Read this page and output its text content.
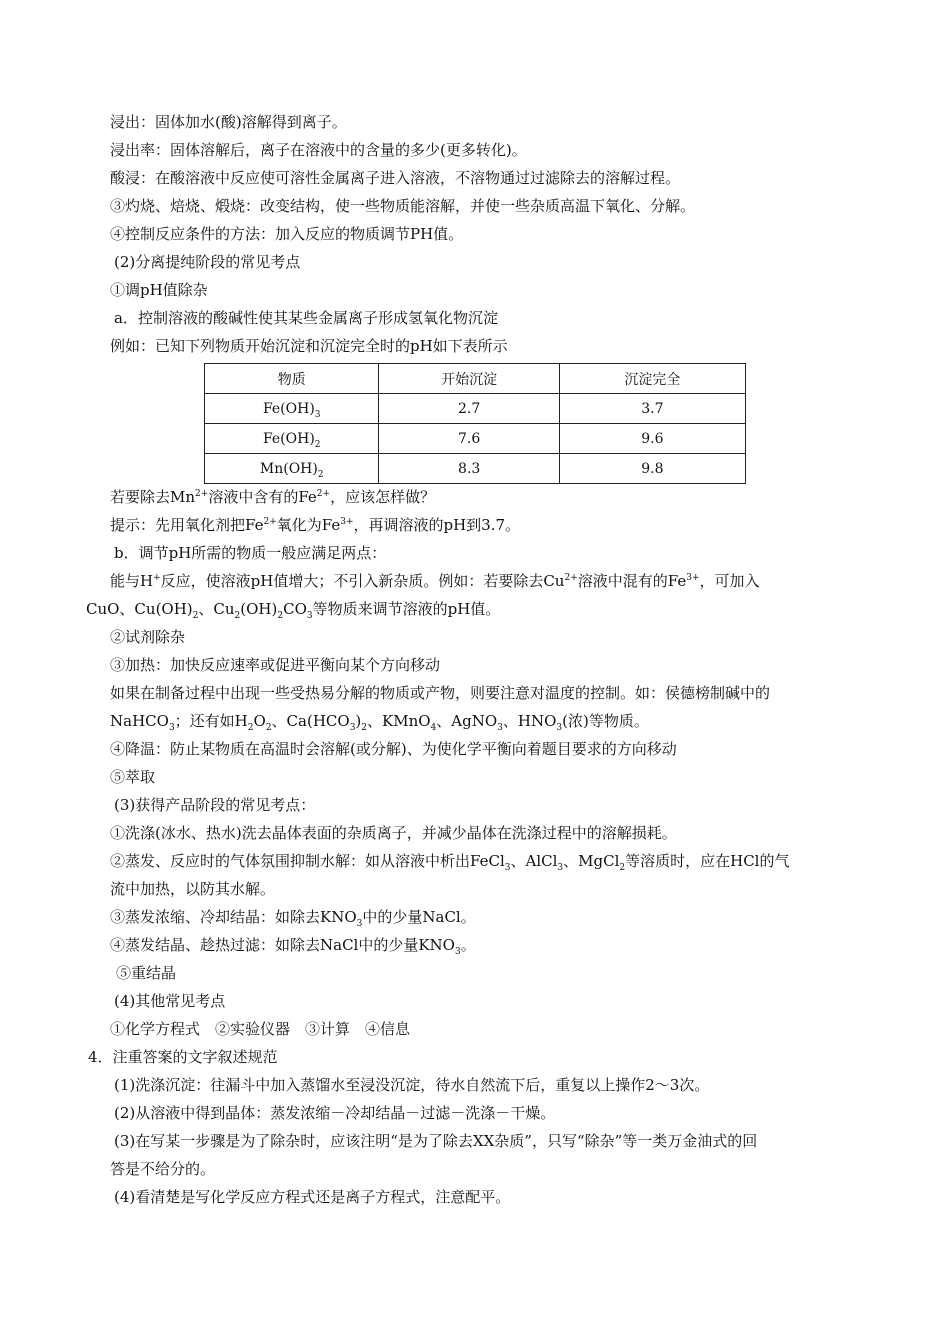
浸出：固体加水(酸)溶解得到离子。
浸出率：固体溶解后，离子在溶液中的含量的多少(更多转化)。
酸浸：在酸溶液中反应使可溶性金属离子进入溶液，不溶物通过过滤除去的溶解过程。
③灼烧、焙烧、煅烧：改变结构，使一些物质能溶解，并使一些杂质高温下氧化、分解。
④控制反应条件的方法：加入反应的物质调节PH值。
(2)分离提纯阶段的常见考点
①调pH值除杂
a．控制溶液的酸碱性使其某些金属离子形成氢氧化物沉淀
例如：已知下列物质开始沉淀和沉淀完全时的pH如下表所示
物质	开始沉淀	沉淀完全
$Fe(OH)_3$	2.7	3.7
$Fe(OH)_2$	7.6	9.6
$Mn(OH)_2$	8.3	9.8
若要除去$Mn^{2+}$溶液中含有的$Fe^{2+}$，应该怎样做？
提示：先用氧化剂把$Fe^{2+}$氧化为$Fe^{3+}$，再调溶液的pH到3.7。
b．调节pH所需的物质一般应满足两点：
能与H+反应，使溶液pH值增大；不引入新杂质。例如：若要除去$Cu^{2+}$溶液中混有的$Fe^{3+}$，可加入
CuO、$Cu(OH)_2$、$Cu_2(OH)_2CO_3$等物质来调节溶液的pH值。
②试剂除杂
③加热：加快反应速率或促进平衡向某个方向移动
如果在制备过程中出现一些受热易分解的物质或产物，则要注意对温度的控制。如：侯德榜制碱中的
NaHCO$_3$；还有如$H_2O_2$、$Ca(HCO_3)_2$、KMnO$_4$、AgNO$_3$、$HNO_3$(浓)等物质。
④降温：防止某物质在高温时会溶解(或分解)、为使化学平衡向着题目要求的方向移动
⑤萃取
(3)获得产品阶段的常见考点：
①洗涤(冰水、热水)洗去晶体表面的杂质离子，并减少晶体在洗涤过程中的溶解损耗。
②蒸发、反应时的气体氛围抑制水解：如从溶液中析出FeCl$_3$、AlCl$_3$、MgCl$_2$等溶质时，应在HCl的气
流中加热，以防其水解。
③蒸发浓缩、冷却结晶：如除去$KNO_3$中的少量NaCl。
④蒸发结晶、趁热过滤：如除去NaCl中的少量$KNO_3$。
⑤重结晶
(4)其他常见考点
①化学方程式　②实验仪器　③计算　④信息
4．注重答案的文字叙述规范
(1)洗涤沉淀：往漏斗中加入蒸馏水至浸没沉淀，待水自然流下后，重复以上操作2～3次。
(2)从溶液中得到晶体：蒸发浓缩－冷却结晶－过滤－洗涤－干燥。
(3)在写某一步骤是为了除杂时，应该注明“是为了除去XX杂质”，只写“除杂”等一类万金油式的回
答是不给分的。
(4)看清楚是写化学反应方程式还是离子方程式，注意配平。
